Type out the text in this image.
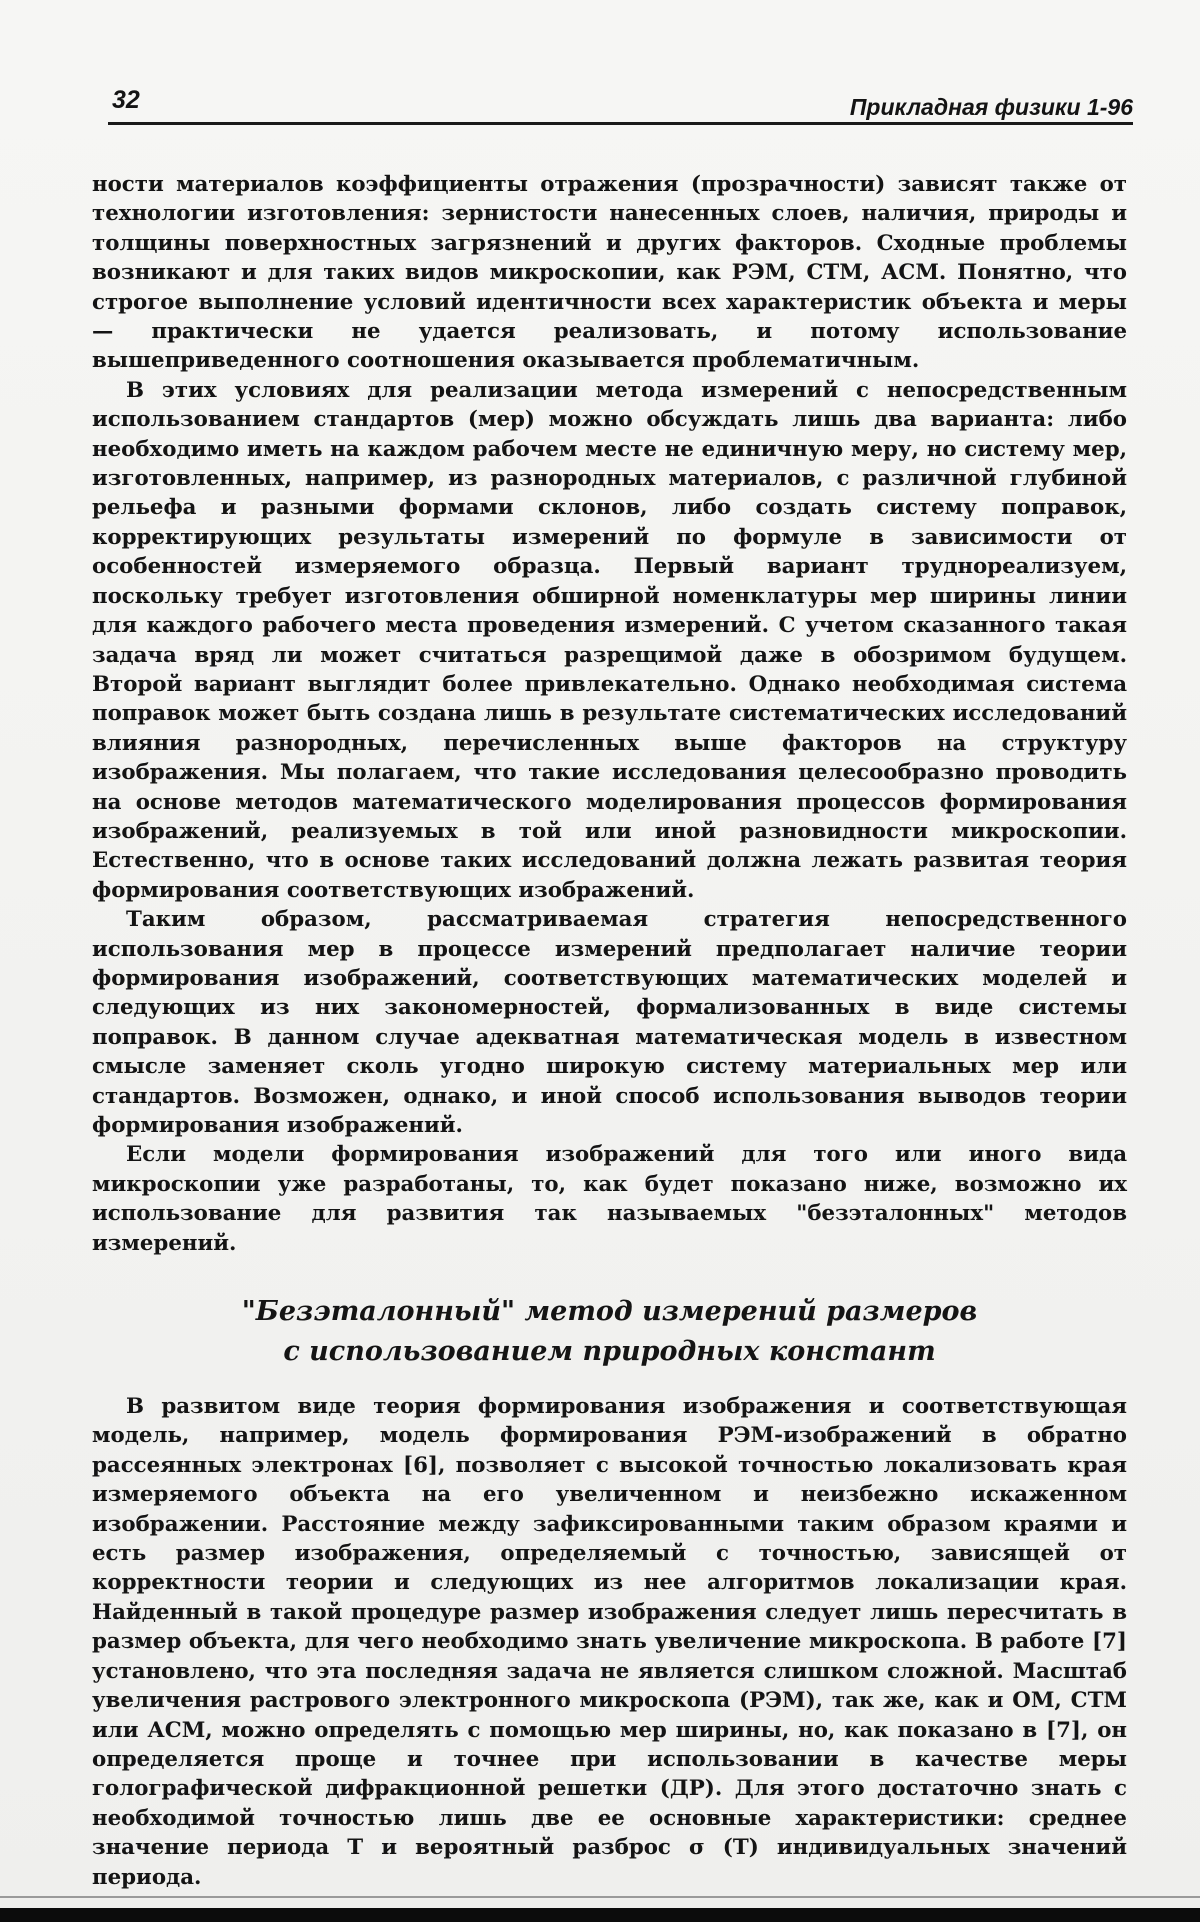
32	Прикладная физики 1-96

ности материалов коэффициенты отражения (прозрачности) зависят также от технологии изготовления: зернистости нанесенных слоев, наличия, природы и толщины поверхностных загрязнений и других факторов. Сходные проблемы возникают и для таких видов микроскопии, как РЭМ, СТМ, АСМ. Понятно, что строгое выполнение условий идентичности всех характеристик объекта и меры — практически не удается реализовать, и потому использование вышеприведенного соотношения оказывается проблематичным.

В этих условиях для реализации метода измерений с непосредственным использованием стандартов (мер) можно обсуждать лишь два варианта: либо необходимо иметь на каждом рабочем месте не единичную меру, но систему мер, изготовленных, например, из разнородных материалов, с различной глубиной рельефа и разными формами склонов, либо создать систему поправок, корректирующих результаты измерений по формуле в зависимости от особенностей измеряемого образца. Первый вариант труднореализуем, поскольку требует изготовления обширной номенклатуры мер ширины линии для каждого рабочего места проведения измерений. С учетом сказанного такая задача вряд ли может считаться разрещимой даже в обозримом будущем. Второй вариант выглядит более привлекательно. Однако необходимая система поправок может быть создана лишь в результате систематических исследований влияния разнородных, перечисленных выше факторов на структуру изображения. Мы полагаем, что такие исследования целесообразно проводить на основе методов математического моделирования процессов формирования изображений, реализуемых в той или иной разновидности микроскопии. Естественно, что в основе таких исследований должна лежать развитая теория формирования соответствующих изображений.

Таким образом, рассматриваемая стратегия непосредственного использования мер в процессе измерений предполагает наличие теории формирования изображений, соответствующих математических моделей и следующих из них закономерностей, формализованных в виде системы поправок. В данном случае адекватная математическая модель в известном смысле заменяет сколь угодно широкую систему материальных мер или стандартов. Возможен, однако, и иной способ использования выводов теории формирования изображений.

Если модели формирования изображений для того или иного вида микроскопии уже разработаны, то, как будет показано ниже, возможно их использование для развития так называемых "безэталонных" методов измерений.

"Безэталонный" метод измерений размеров
с использованием природных констант

В развитом виде теория формирования изображения и соответствующая модель, например, модель формирования РЭМ-изображений в обратно рассеянных электронах [6], позволяет с высокой точностью локализовать края измеряемого объекта на его увеличенном и неизбежно искаженном изображении. Расстояние между зафиксированными таким образом краями и есть размер изображения, определяемый с точностью, зависящей от корректности теории и следующих из нее алгоритмов локализации края. Найденный в такой процедуре размер изображения следует лишь пересчитать в размер объекта, для чего необходимо знать увеличение микроскопа. В работе [7] установлено, что эта последняя задача не является слишком сложной. Масштаб увеличения растрового электронного микроскопа (РЭМ), так же, как и ОМ, СТМ или АСМ, можно определять с помощью мер ширины, но, как показано в [7], он определяется проще и точнее при использовании в качестве меры голографической дифракционной решетки (ДР). Для этого достаточно знать с необходимой точностью лишь две ее основные характеристики: среднее значение периода Т и вероятный разброс σ (Т) индивидуальных значений периода.
